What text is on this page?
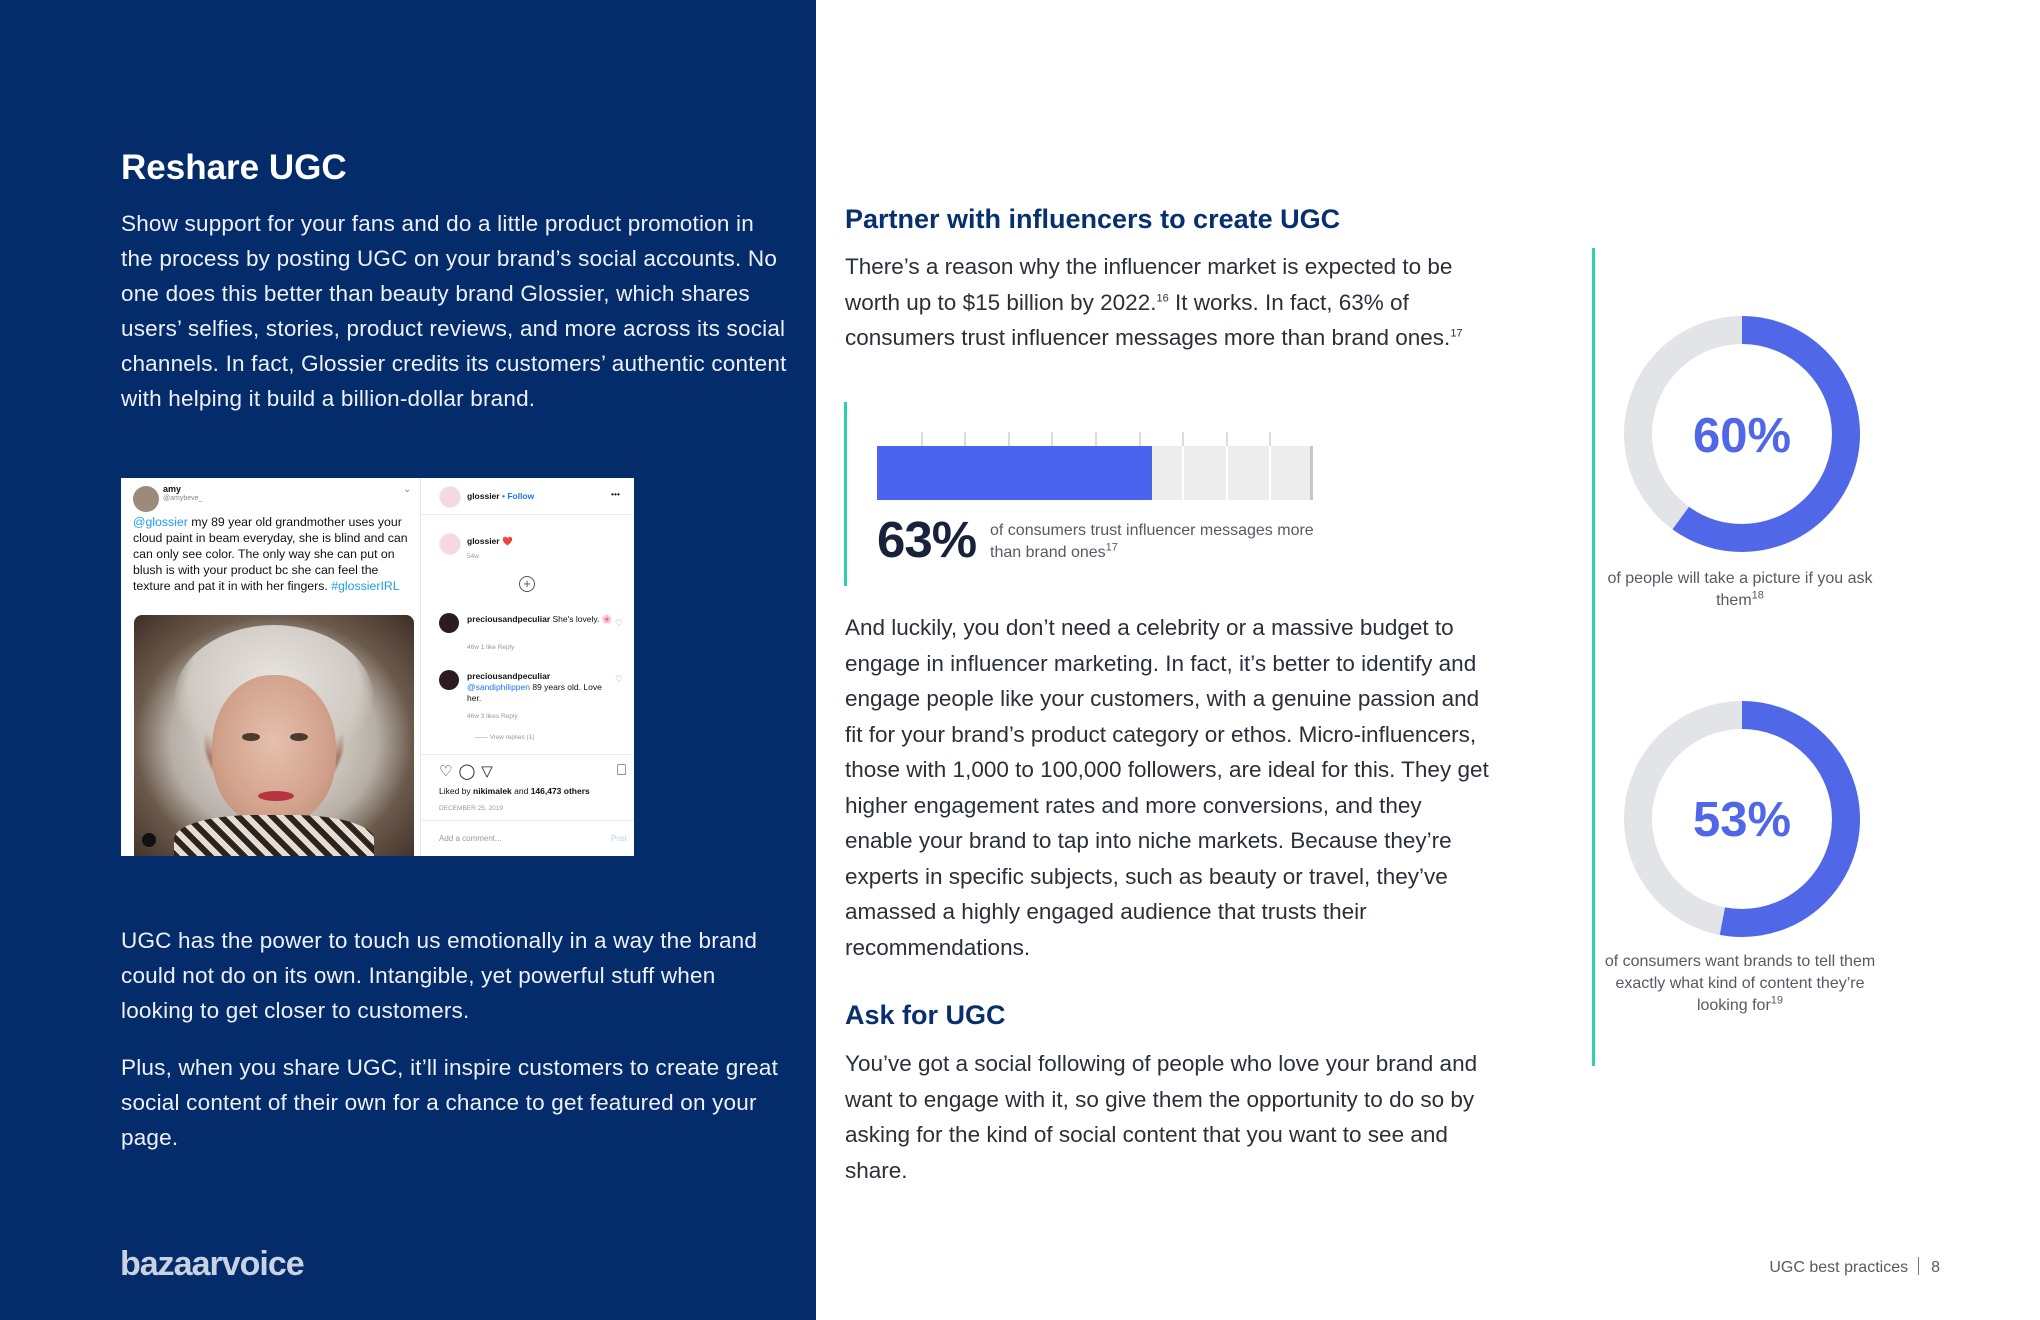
Reshare UGC
Show support for your fans and do a little product promotion in the process by posting UGC on your brand’s social accounts. No one does this better than beauty brand Glossier, which shares users’ selfies, stories, product reviews, and more across its social channels. In fact, Glossier credits its customers’ authentic content with helping it build a billion-dollar brand.
amy
@amybeve_
⌄
@glossier my 89 year old grandmother uses your cloud paint in beam everyday, she is blind and can can only see color. The only way she can put on blush is with your product bc she can feel the texture and pat it in with her fingers. #glossierIRL
glossier • Follow	•••
glossier ❤️
54w
+
preciousandpeculiar She's lovely. 🌸
46w 1 like Reply
♡
preciousandpeculiar
@sandiphilippen 89 years old. Love her.
46w 3 likes Reply
♡
—— View replies (1)
♡◯▽	⎕
Liked by nikimalek and 146,473 others
DECEMBER 25, 2019
Add a comment...	Post
UGC has the power to touch us emotionally in a way the brand could not do on its own. Intangible, yet powerful stuff when looking to get closer to customers.
Plus, when you share UGC, it’ll inspire customers to create great social content of their own for a chance to get featured on your page.
bazaarvoice
Partner with influencers to create UGC
There’s a reason why the influencer market is expected to be worth up to $15 billion by 2022.16 It works. In fact, 63% of consumers trust influencer messages more than brand ones.$^{17}$
63% of consumers trust influencer messages more than brand ones$^{17}$
And luckily, you don’t need a celebrity or a massive budget to engage in influencer marketing. In fact, it’s better to identify and engage people like your customers, with a genuine passion and fit for your brand’s product category or ethos. Micro-influencers, those with 1,000 to 100,000 followers, are ideal for this. They get higher engagement rates and more conversions, and they enable your brand to tap into niche markets. Because they’re experts in specific subjects, such as beauty or travel, they’ve amassed a highly engaged audience that trusts their recommendations.
Ask for UGC
You’ve got a social following of people who love your brand and want to engage with it, so give them the opportunity to do so by asking for the kind of social content that you want to see and share.
60%
of people will take a picture if you ask them$^{18}$
53%
of consumers want brands to tell them exactly what kind of content they’re looking for$^{19}$
UGC best practices 8
